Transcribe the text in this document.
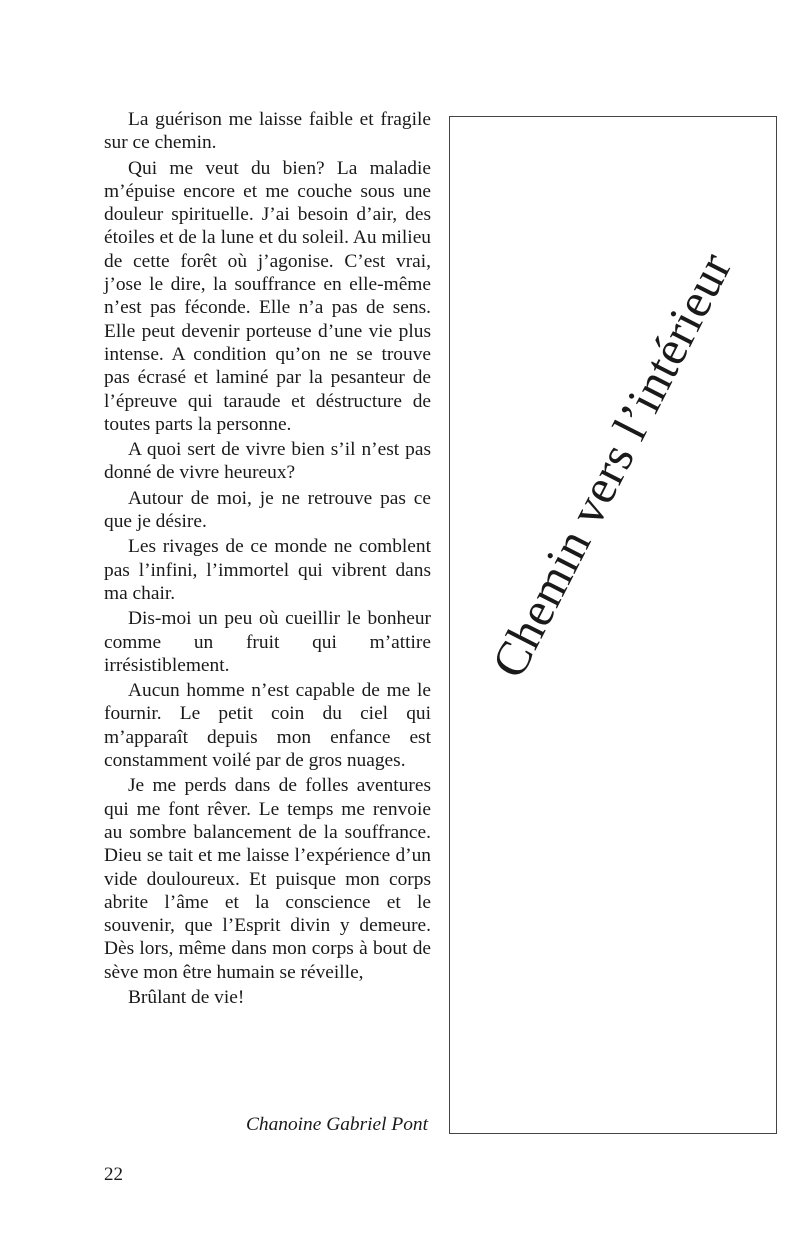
La guérison me laisse faible et fragile sur ce chemin.

Qui me veut du bien? La maladie m’épuise encore et me couche sous une douleur spirituelle. J’ai besoin d’air, des étoiles et de la lune et du soleil. Au milieu de cette forêt où j’agonise. C’est vrai, j’ose le dire, la souffrance en elle-même n’est pas féconde. Elle n’a pas de sens. Elle peut devenir porteuse d’une vie plus intense. A condition qu’on ne se trouve pas écrasé et laminé par la pesanteur de l’épreuve qui taraude et déstructure de toutes parts la personne.

A quoi sert de vivre bien s’il n’est pas donné de vivre heureux?

Autour de moi, je ne retrouve pas ce que je désire.

Les rivages de ce monde ne comblent pas l’infini, l’immortel qui vibrent dans ma chair.

Dis-moi un peu où cueillir le bonheur comme un fruit qui m’attire irrésistiblement.

Aucun homme n’est capable de me le fournir. Le petit coin du ciel qui m’apparaît depuis mon enfance est constamment voilé par de gros nuages.

Je me perds dans de folles aventures qui me font rêver. Le temps me renvoie au sombre balancement de la souffrance. Dieu se tait et me laisse l’expérience d’un vide douloureux. Et puisque mon corps abrite l’âme et la conscience et le souvenir, que l’Esprit divin y demeure. Dès lors, même dans mon corps à bout de sève mon être humain se réveille,

Brûlant de vie!

Chanoine Gabriel Pont
Chemin vers l’intérieur
22
